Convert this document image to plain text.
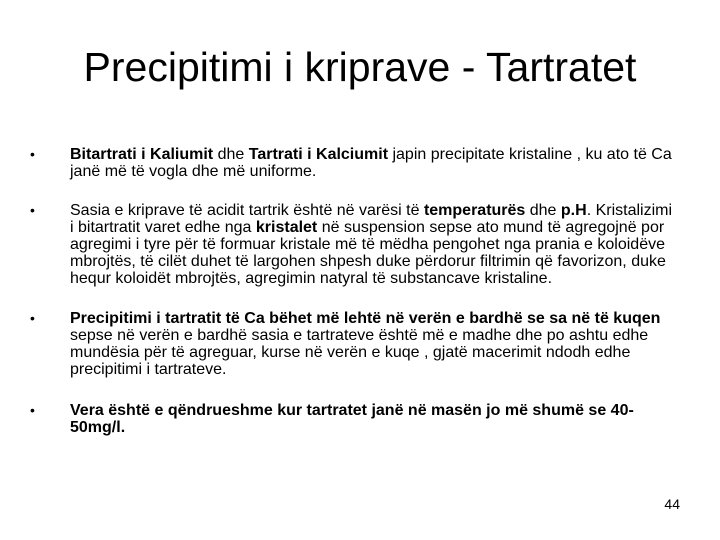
Precipitimi i kriprave - Tartratet
•	Bitartrati i Kaliumit dhe Tartrati i Kalciumit japin precipitate kristaline , ku ato të Ca janë më të vogla dhe më uniforme.
•	Sasia e kriprave të acidit tartrik është në varësi të temperaturës dhe p.H. Kristalizimi i bitartratit varet edhe nga kristalet në suspension sepse ato mund të agregojnë por agregimi i tyre për të formuar kristale më të mëdha pengohet nga prania e koloidëve mbrojtës, të cilët duhet të largohen shpesh duke përdorur filtrimin që favorizon, duke hequr koloidët mbrojtës, agregimin natyral të substancave kristaline.
•	Precipitimi i tartratit të Ca bëhet më lehtë në verën e bardhë se sa në të kuqen sepse në verën e bardhë sasia e tartrateve është më e madhe dhe po ashtu edhe mundësia për të agreguar, kurse në verën e kuqe , gjatë macerimit ndodh edhe precipitimi i tartrateve.
•	Vera është e qëndrueshme kur tartratet janë në masën jo më shumë se 40-50mg/l.
44
